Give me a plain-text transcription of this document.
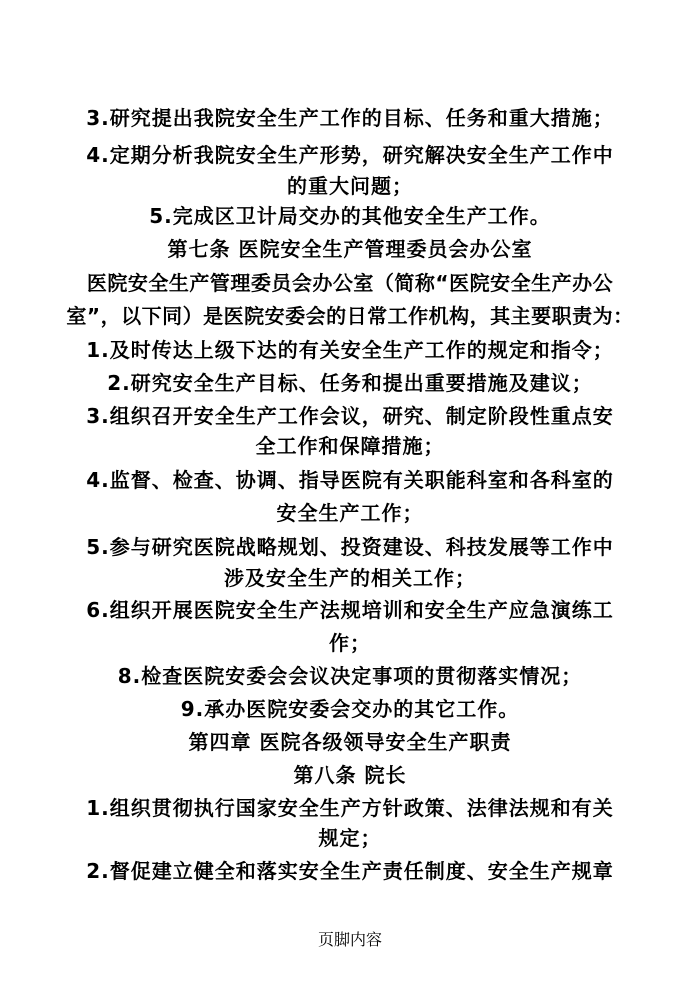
3.研究提出我院安全生产工作的目标、任务和重大措施；
4.定期分析我院安全生产形势，研究解决安全生产工作中
的重大问题；
5.完成区卫计局交办的其他安全生产工作。
第七条 医院安全生产管理委员会办公室
医院安全生产管理委员会办公室（简称“医院安全生产办公
室”，以下同）是医院安委会的日常工作机构，其主要职责为：
1.及时传达上级下达的有关安全生产工作的规定和指令；
2.研究安全生产目标、任务和提出重要措施及建议；
3.组织召开安全生产工作会议，研究、制定阶段性重点安
全工作和保障措施；
4.监督、检查、协调、指导医院有关职能科室和各科室的
安全生产工作；
5.参与研究医院战略规划、投资建设、科技发展等工作中
涉及安全生产的相关工作；
6.组织开展医院安全生产法规培训和安全生产应急演练工
作；
8.检查医院安委会会议决定事项的贯彻落实情况；
9.承办医院安委会交办的其它工作。
第四章 医院各级领导安全生产职责
第八条 院长
1.组织贯彻执行国家安全生产方针政策、法律法规和有关
规定；
2.督促建立健全和落实安全生产责任制度、安全生产规章
页脚内容
